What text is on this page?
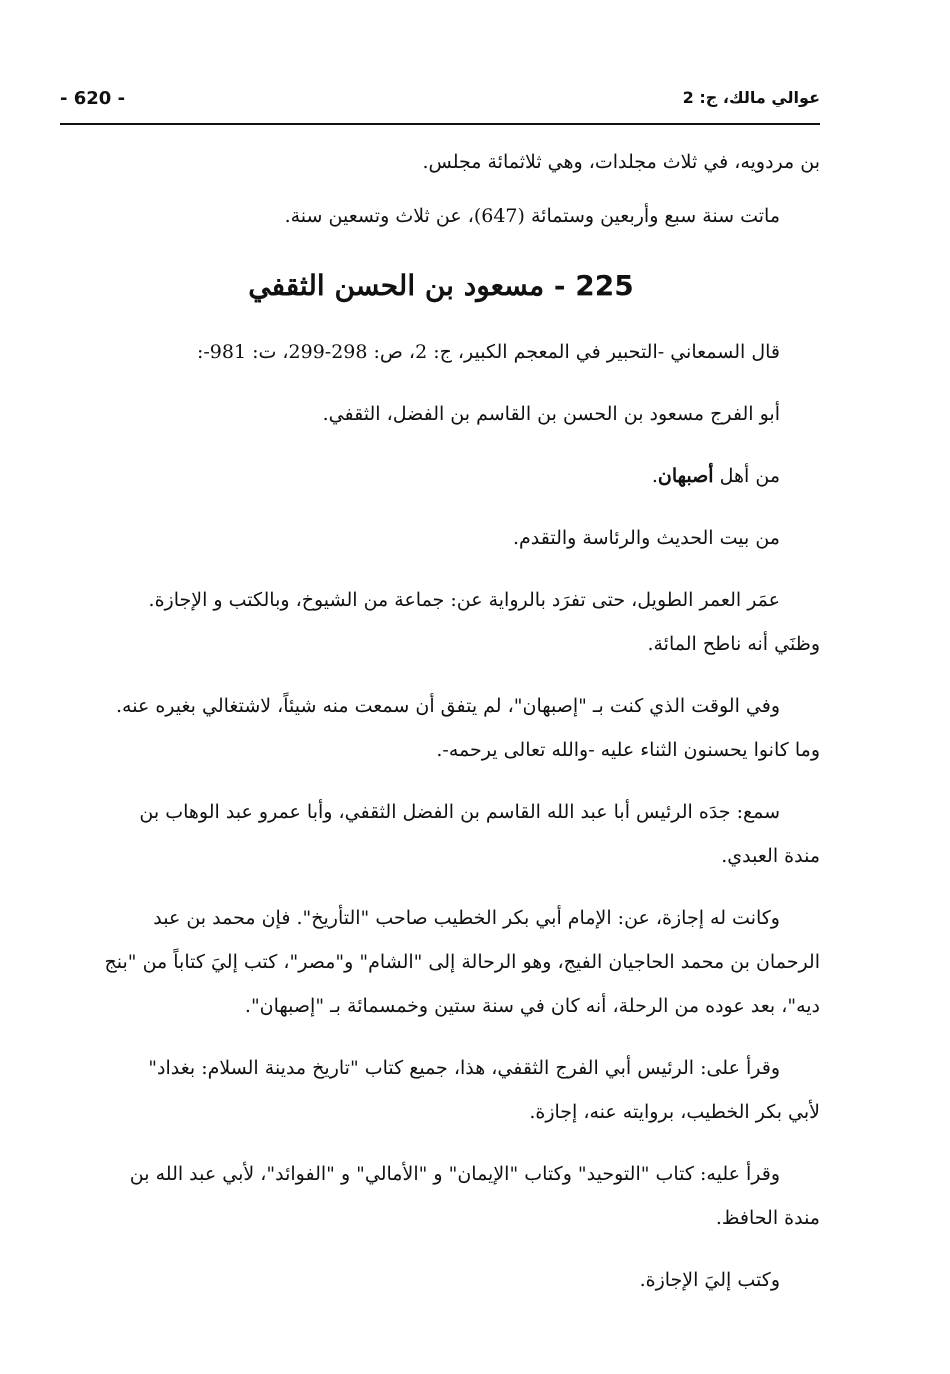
- 620 -	عوالي مالك، ج: 2

بن مردويه، في ثلاث مجلدات، وهي ثلاثمائة مجلس.

ماتت سنة سبع وأربعين وستمائة (647)، عن ثلاث وتسعين سنة.

225 - مسعود بن الحسن الثقفي

قال السمعاني -التحبير في المعجم الكبير، ج: 2، ص: 298-299، ت: 981-:

أبو الفرج مسعود بن الحسن بن القاسم بن الفضل، الثقفي.

من أهل أصبهان.

من بيت الحديث والرئاسة والتقدم.

عمَر العمر الطويل، حتى تفرَد بالرواية عن: جماعة من الشيوخ، وبالكتب و الإجازة.

وظنَي أنه ناطح المائة.

وفي الوقت الذي كنت بـ "إصبهان"، لم يتفق أن سمعت منه شيئاً، لاشتغالي بغيره عنه.

وما كانوا يحسنون الثناء عليه -والله تعالى يرحمه-.

سمع: جدَه الرئيس أبا عبد الله القاسم بن الفضل الثقفي، وأبا عمرو عبد الوهاب بن

مندة العبدي.

وكانت له إجازة، عن: الإمام أبي بكر الخطيب صاحب "التأريخ". فإن محمد بن عبد

الرحمان بن محمد الحاجيان الفيج، وهو الرحالة إلى "الشام" و"مصر"، كتب إليَ كتاباً من "بنج

ديه"، بعد عوده من الرحلة، أنه كان في سنة ستين وخمسمائة بـ "إصبهان".

وقرأ على: الرئيس أبي الفرج الثقفي، هذا، جميع كتاب "تاريخ مدينة السلام: بغداد"

لأبي بكر الخطيب، بروايته عنه، إجازة.

وقرأ عليه: كتاب "التوحيد" وكتاب "الإيمان" و "الأمالي" و "الفوائد"، لأبي عبد الله بن

مندة الحافظ.

وكتب إليَ الإجازة.
